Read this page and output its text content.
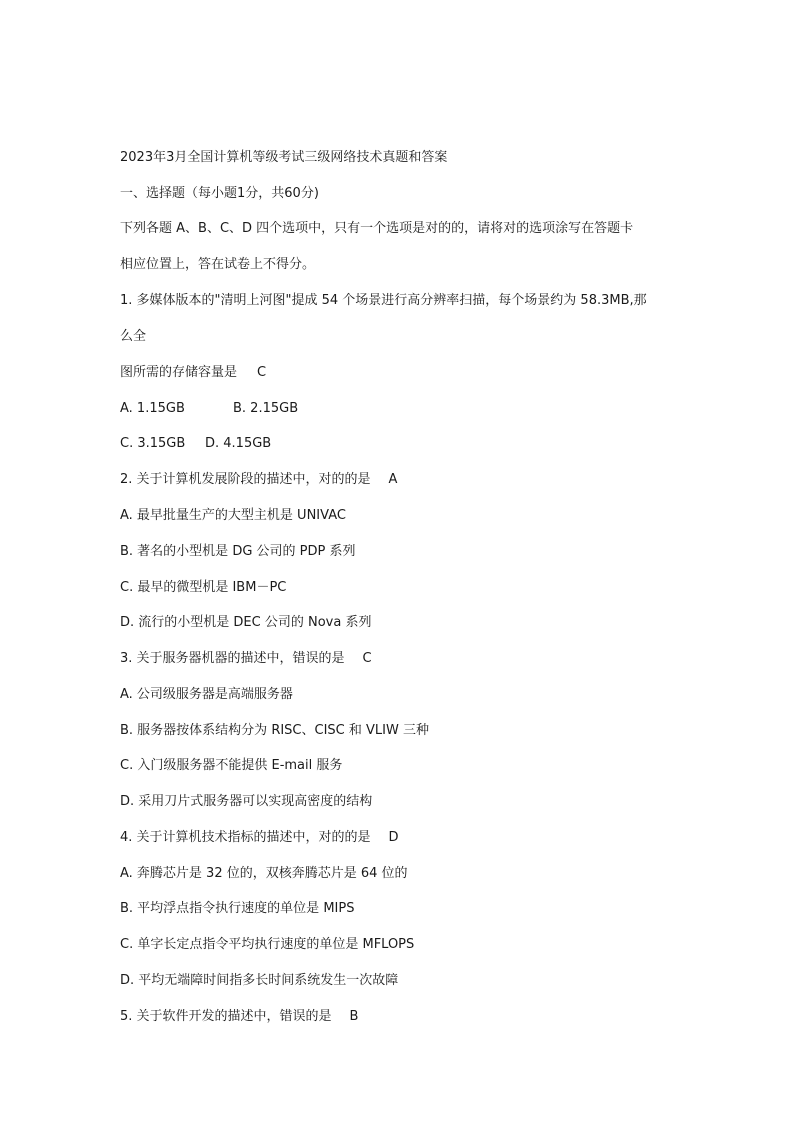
2023年3月全国计算机等级考试三级网络技术真题和答案
一、选择题（每小题1分，共60分)
下列各题 A、B、C、D 四个选项中，只有一个选项是对的的，请将对的选项涂写在答题卡
相应位置上，答在试卷上不得分。
1. 多媒体版本的"清明上河图"提成 54 个场景进行高分辨率扫描，每个场景约为 58.3MB,那
么全
图所需的存储容量是 C
A. 1.15GB	B. 2.15GB
C. 3.15GB D. 4.15GB
2. 关于计算机发展阶段的描述中，对的的是 A
A. 最早批量生产的大型主机是 UNIVAC
B. 著名的小型机是 DG 公司的 PDP 系列
C. 最早的微型机是 IBM－PC
D. 流行的小型机是 DEC 公司的 Nova 系列
3. 关于服务器机器的描述中，错误的是 C
A. 公司级服务器是高端服务器
B. 服务器按体系结构分为 RISC、CISC 和 VLIW 三种
C. 入门级服务器不能提供 E-mail 服务
D. 采用刀片式服务器可以实现高密度的结构
4. 关于计算机技术指标的描述中，对的的是 D
A. 奔腾芯片是 32 位的，双核奔腾芯片是 64 位的
B. 平均浮点指令执行速度的单位是 MIPS
C. 单字长定点指令平均执行速度的单位是 MFLOPS
D. 平均无端障时间指多长时间系统发生一次故障
5. 关于软件开发的描述中，错误的是 B
